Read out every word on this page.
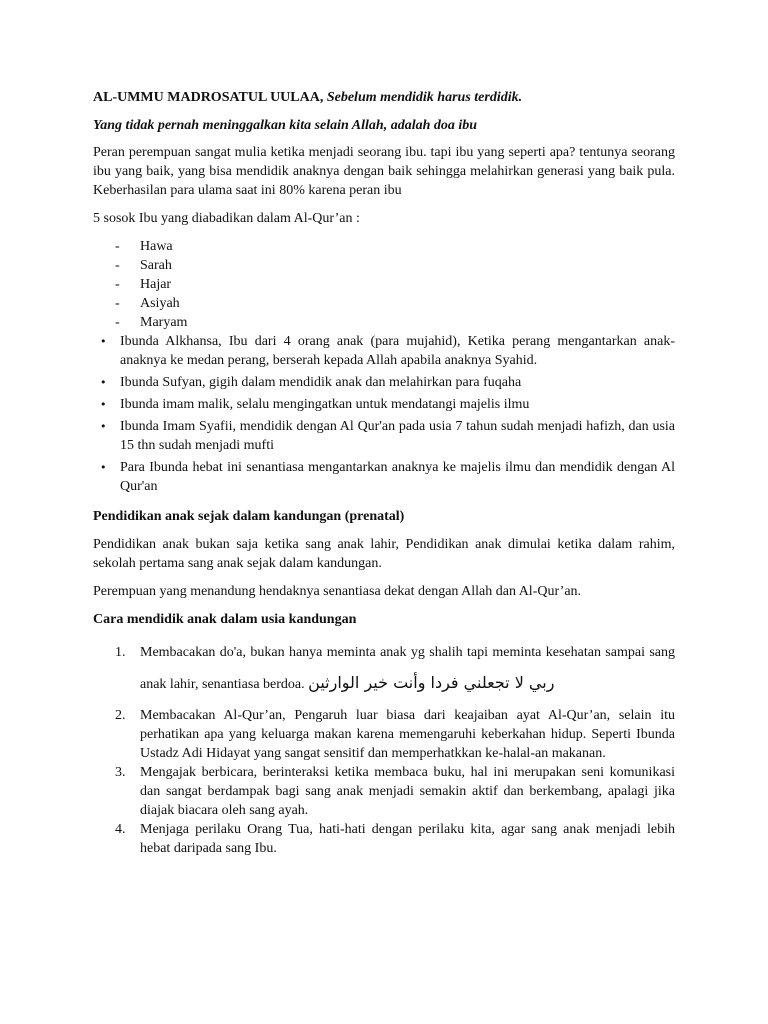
AL-UMMU MADROSATUL UULAA, Sebelum mendidik harus terdidik.

Yang tidak pernah meninggalkan kita selain Allah, adalah doa ibu

Peran perempuan sangat mulia ketika menjadi seorang ibu. tapi ibu yang seperti apa? tentunya seorang ibu yang baik, yang bisa mendidik anaknya dengan baik sehingga melahirkan generasi yang baik pula. Keberhasilan para ulama saat ini 80% karena peran ibu

5 sosok Ibu yang diabadikan dalam Al-Qur’an :

- Hawa
- Sarah
- Hajar
- Asiyah
- Maryam
• Ibunda Alkhansa, Ibu dari 4 orang anak (para mujahid), Ketika perang mengantarkan anak-anaknya ke medan perang, berserah kepada Allah apabila anaknya Syahid.
• Ibunda Sufyan, gigih dalam mendidik anak dan melahirkan para fuqaha
• Ibunda imam malik, selalu mengingatkan untuk mendatangi majelis ilmu
• Ibunda Imam Syafii, mendidik dengan Al Qur'an pada usia 7 tahun sudah menjadi hafizh, dan usia 15 thn sudah menjadi mufti
• Para Ibunda hebat ini senantiasa mengantarkan anaknya ke majelis ilmu dan mendidik dengan Al Qur'an

Pendidikan anak sejak dalam kandungan (prenatal)

Pendidikan anak bukan saja ketika sang anak lahir, Pendidikan anak dimulai ketika dalam rahim, sekolah pertama sang anak sejak dalam kandungan.

Perempuan yang menandung hendaknya senantiasa dekat dengan Allah dan Al-Qur’an.

Cara mendidik anak dalam usia kandungan

1. Membacakan do'a, bukan hanya meminta anak yg shalih tapi meminta kesehatan sampai sang anak lahir, senantiasa berdoa. ربي لا تجعلني فردا وأنت خير الوارثين
2. Membacakan Al-Qur’an, Pengaruh luar biasa dari keajaiban ayat Al-Qur’an, selain itu perhatikan apa yang keluarga makan karena memengaruhi keberkahan hidup. Seperti Ibunda Ustadz Adi Hidayat yang sangat sensitif dan memperhatkkan ke-halal-an makanan.
3. Mengajak berbicara, berinteraksi ketika membaca buku, hal ini merupakan seni komunikasi dan sangat berdampak bagi sang anak menjadi semakin aktif dan berkembang, apalagi jika diajak biacara oleh sang ayah.
4. Menjaga perilaku Orang Tua, hati-hati dengan perilaku kita, agar sang anak menjadi lebih hebat daripada sang Ibu.
